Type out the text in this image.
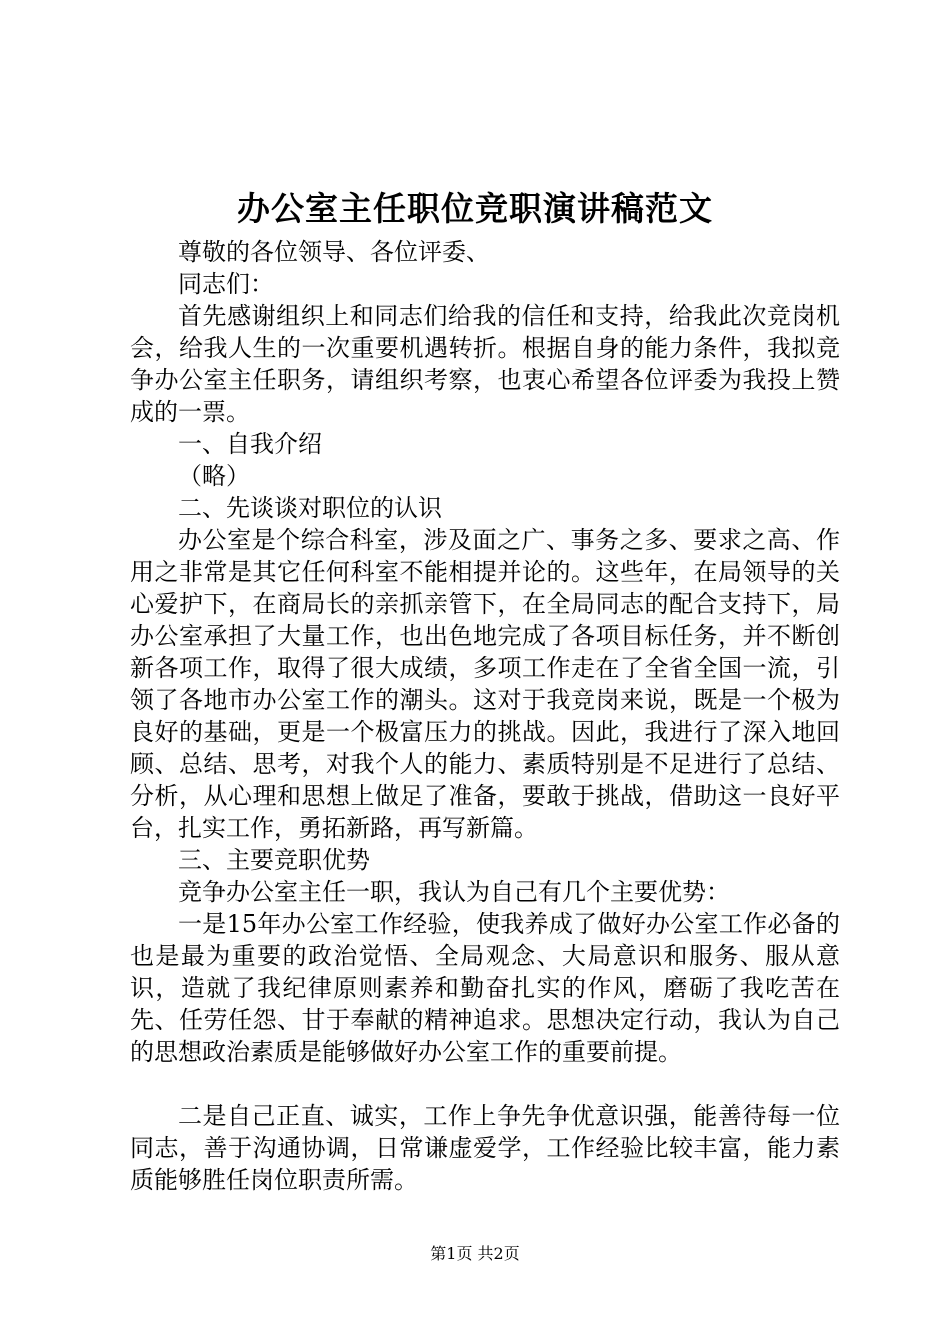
办公室主任职位竞职演讲稿范文

尊敬的各位领导、各位评委、

同志们：

首先感谢组织上和同志们给我的信任和支持，给我此次竞岗机会，给我人生的一次重要机遇转折。根据自身的能力条件，我拟竞争办公室主任职务，请组织考察，也衷心希望各位评委为我投上赞成的一票。

一、自我介绍

（略）

二、先谈谈对职位的认识

办公室是个综合科室，涉及面之广、事务之多、要求之高、作用之非常是其它任何科室不能相提并论的。这些年，在局领导的关心爱护下，在商局长的亲抓亲管下，在全局同志的配合支持下，局办公室承担了大量工作，也出色地完成了各项目标任务，并不断创新各项工作，取得了很大成绩，多项工作走在了全省全国一流，引领了各地市办公室工作的潮头。这对于我竞岗来说，既是一个极为良好的基础，更是一个极富压力的挑战。因此，我进行了深入地回顾、总结、思考，对我个人的能力、素质特别是不足进行了总结、分析，从心理和思想上做足了准备，要敢于挑战，借助这一良好平台，扎实工作，勇拓新路，再写新篇。

三、主要竞职优势

竞争办公室主任一职，我认为自己有几个主要优势：

一是15年办公室工作经验，使我养成了做好办公室工作必备的也是最为重要的政治觉悟、全局观念、大局意识和服务、服从意识，造就了我纪律原则素养和勤奋扎实的作风，磨砺了我吃苦在先、任劳任怨、甘于奉献的精神追求。思想决定行动，我认为自己的思想政治素质是能够做好办公室工作的重要前提。

二是自己正直、诚实，工作上争先争优意识强，能善待每一位同志，善于沟通协调，日常谦虚爱学，工作经验比较丰富，能力素质能够胜任岗位职责所需。

第1页 共2页
